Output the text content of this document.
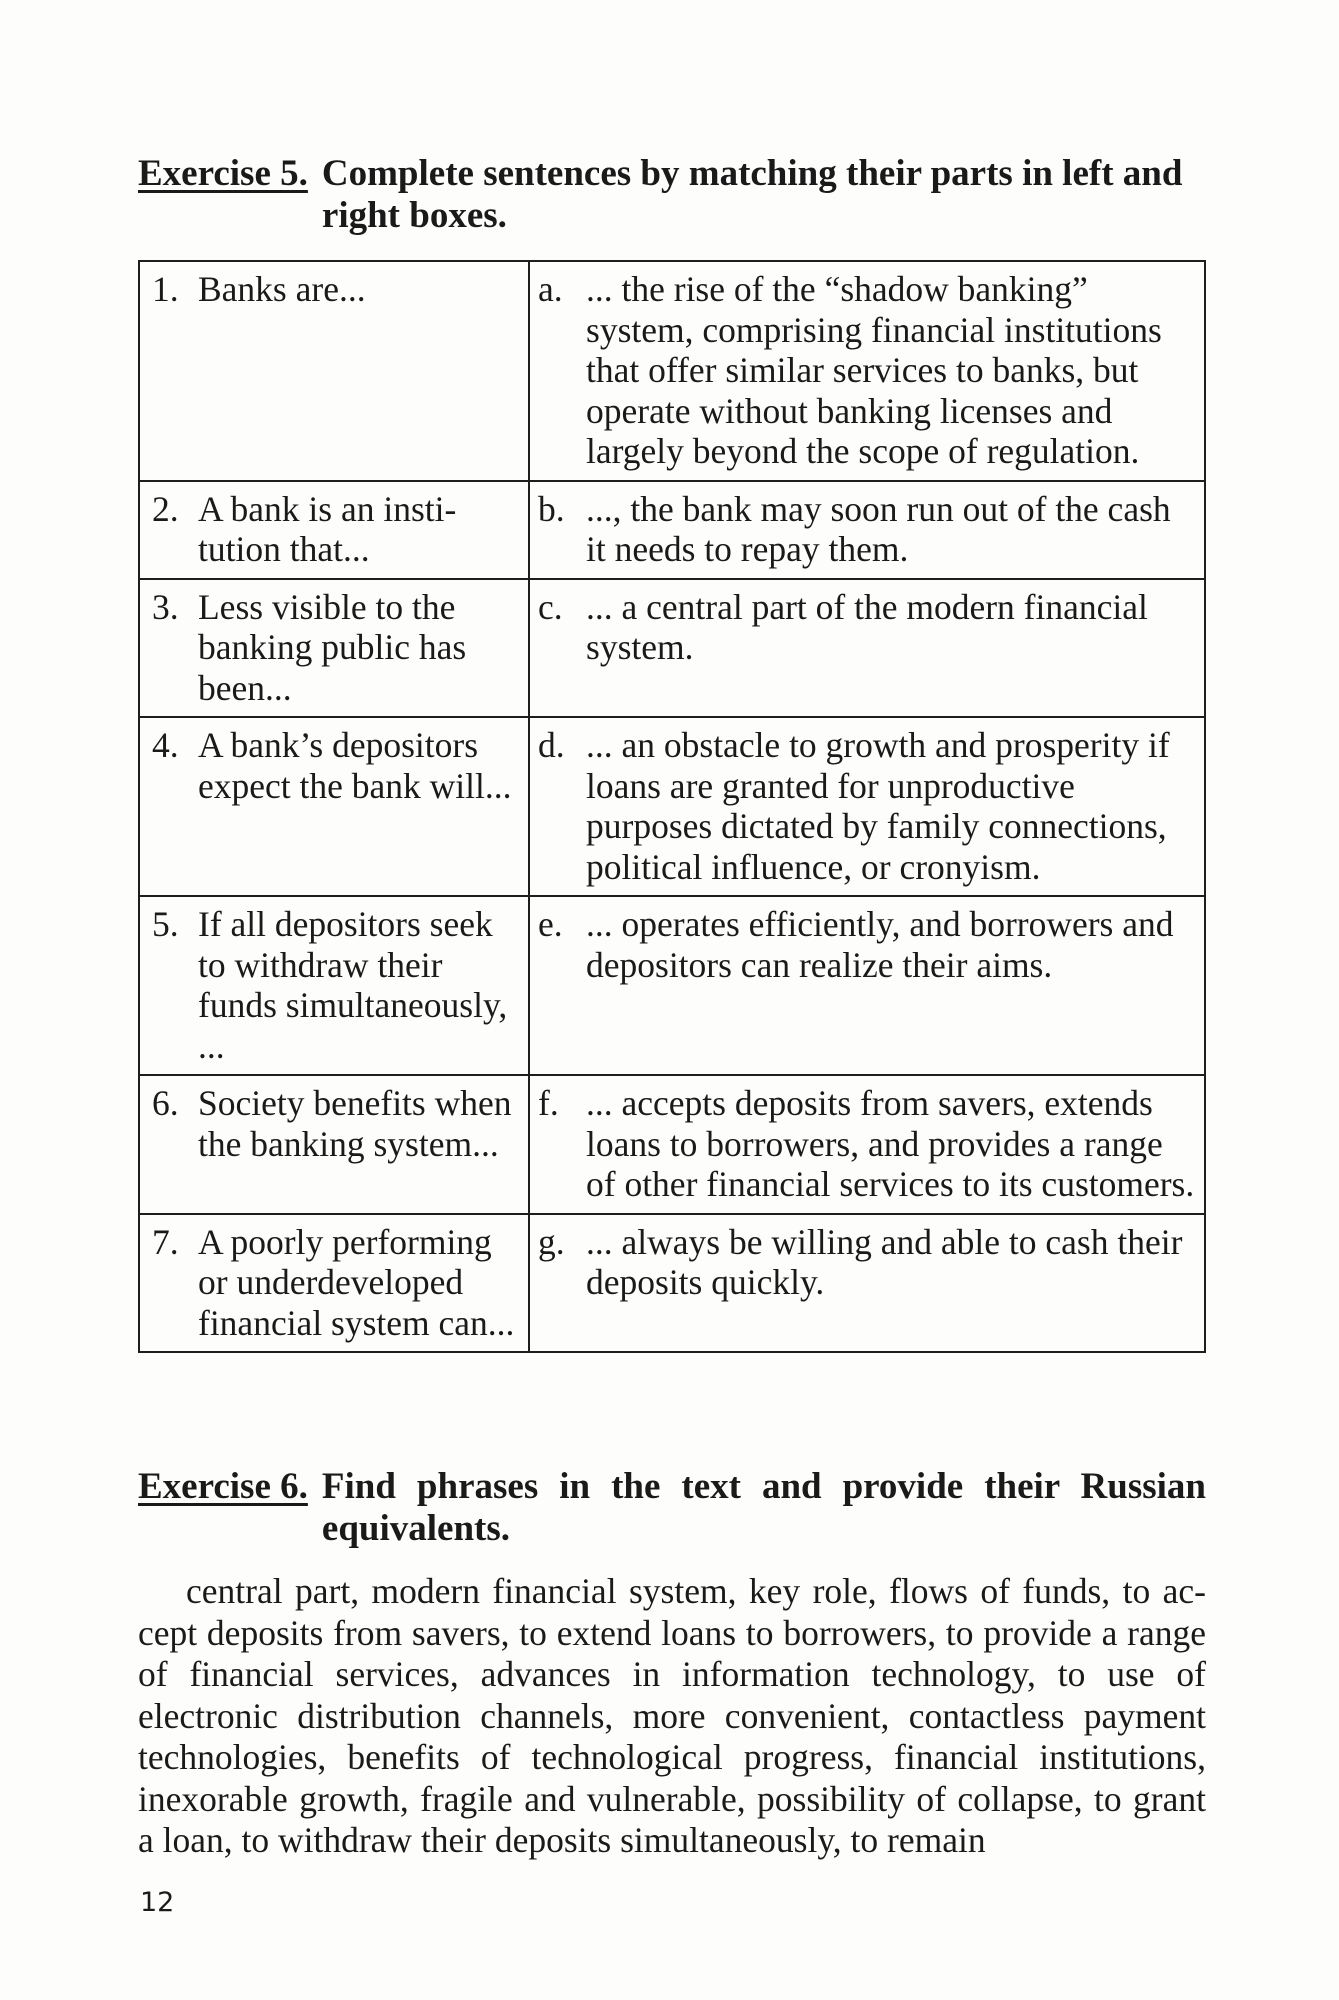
Exercise 5. Complete sentences by matching their parts in left and right boxes.
1. Banks are...	a. ... the rise of the “shadow banking” system, comprising financial institutions that offer similar services to banks, but operate without banking licenses and largely beyond the scope of regulation.

2. A bank is an institution that...	b. ..., the bank may soon run out of the cash it needs to repay them.

3. Less visible to the banking public has been...	c. ... a central part of the modern financial system.

4. A bank’s depositors expect the bank will...	d. ... an obstacle to growth and prosperity if loans are granted for unproductive purposes dictated by family connections, political influence, or cronyism.

5. If all depositors seek to withdraw their funds simultaneously, ...	e. ... operates efficiently, and borrowers and depositors can realize their aims.

6. Society benefits when the banking system...	f. ... accepts deposits from savers, extends loans to borrowers, and provides a range of other financial services to its customers.

7. A poorly performing or underdeveloped financial system can...	g. ... always be willing and able to cash their deposits quickly.
Exercise 6. Find phrases in the text and provide their Russian equivalents.
central part, modern financial system, key role, flows of funds, to accept deposits from savers, to extend loans to borrowers, to provide a range of financial services, advances in information technology, to use of electronic distribution channels, more convenient, contactless payment technologies, benefits of technological progress, financial institutions, inexorable growth, fragile and vulnerable, possibility of collapse, to grant a loan, to withdraw their deposits simultaneously, to remain
12
